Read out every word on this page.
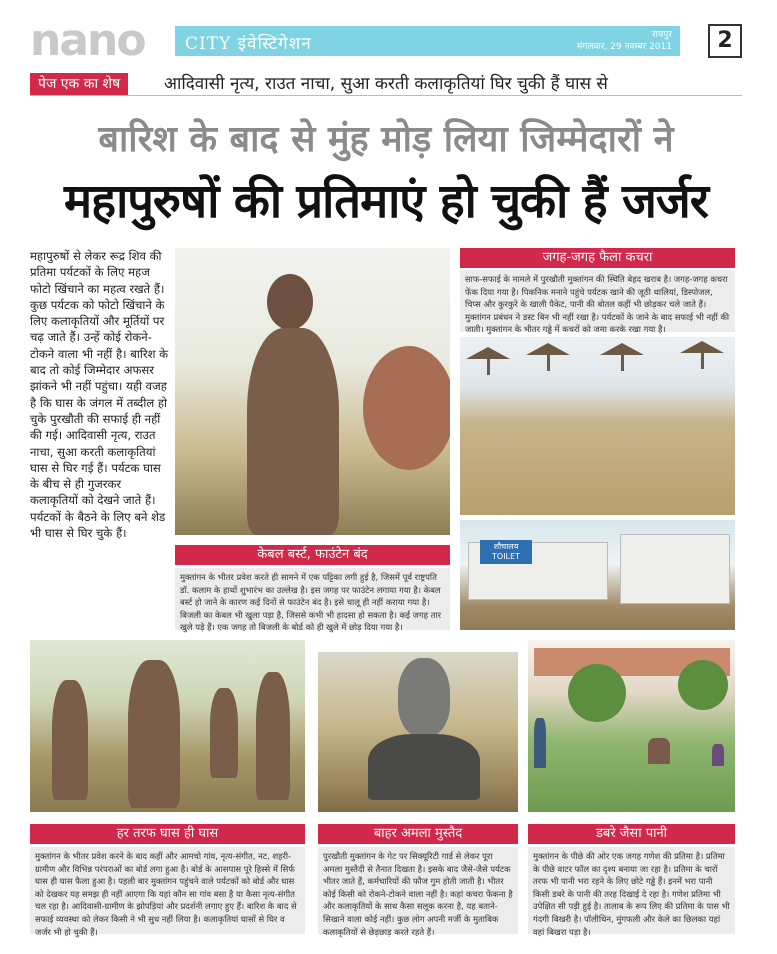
nano CITY इंवेस्टिगेशन	रायपुर
मंगलवार, 29 नवम्बर 2011	2
पेज एक का शेष	आदिवासी नृत्य, राउत नाचा, सुआ करती कलाकृतियां घिर चुकी हैं घास से
बारिश के बाद से मुंह मोड़ लिया जिम्मेदारों ने
महापुरुषों की प्रतिमाएं हो चुकी हैं जर्जर
महापुरुषों से लेकर रूद्र शिव की प्रतिमा पर्यटकों के लिए महज फोटो खिंचाने का महत्व रखते हैं। कुछ पर्यटक को फोटो खिंचाने के लिए कलाकृतियों और मूर्तियों पर चढ़ जाते हैं। उन्हें कोई रोकने-टोकने वाला भी नहीं है। बारिश के बाद तो कोई जिम्मेदार अफसर झांकने भी नहीं पहुंचा। यही वजह है कि घास के जंगल में तब्दील हो चुके पुरखौती की सफाई ही नहीं की गई। आदिवासी नृत्य, राउत नाचा, सुआ करती कलाकृतियां घास से घिर गई हैं। पर्यटक घास के बीच से ही गुजरकर कलाकृतियों को देखने जाते हैं। पर्यटकों के बैठने के लिए बने शेड भी घास से घिर चुके हैं।
केबल बर्स्ट, फाउंटेन बंद
मुक्तांगन के भीतर प्रवेश करते ही सामने में एक पट्टिका लगी हुई है, जिसमें पूर्व राष्ट्रपति डॉ. कलाम के हाथों शुभारंभ का उल्लेख है। इस जगह पर फाउंटेन लगाया गया है। केबल बर्स्ट हो जाने के कारण कई दिनों से फाउंटेन बंद है। इसे चालू ही नहीं कराया गया है। बिजली का केबल भी खुला पड़ा है, जिससे कभी भी हादसा हो सकता है। कई जगह तार खुले पड़े हैं। एक जगह तो बिजली के बोर्ड को ही खुले में छोड़ दिया गया है।
जगह-जगह फैला कचरा
साफ-सफाई के मामले में पुरखौती मुक्तांगन की स्थिति बेहद खराब है। जगह-जगह कचरा फेंक दिया गया है। पिकनिक मनाने पहुंचे पर्यटक खाने की जूठी थालियां, डिस्पोजल, चिप्स और कुरकुरे के खाली पैकेट, पानी की बोतल कहीं भी छोड़कर चले जाते हैं। मुक्तांगन प्रबंधन ने डस्ट बिन भी नहीं रखा है। पर्यटकों के जाने के बाद सफाई भी नहीं की जाती। मुक्तांगन के भीतर गड्ढे में कचरों को जमा करके रखा गया है।
शौचालय TOILET
हर तरफ घास ही घास
मुक्तांगन के भीतर प्रवेश करने के बाद कहीं और आमचो गांव, नृत्य-संगीत, नट, शहरी-ग्रामीण और विभिन्न परंपराओं का बोर्ड लगा हुआ है। बोर्ड के आसपास पूरे हिस्से में सिर्फ घास ही घास फैला हुआ है। पहली बार मुक्तांगन पहुंचने वाले पर्यटकों को बोर्ड और घास को देखकर यह समझ ही नहीं आएगा कि यहां कौन सा गांव बसा है या कैसा नृत्य-संगीत चल रहा है। आदिवासी-ग्रामीण के झोपड़ियां और प्रदर्शनी लगाए हुए हैं। बारिश के बाद से सफाई व्यवस्था को लेकर किसी ने भी सुध नहीं लिया है। कलाकृतियां घासों से घिर व जर्जर भी हो चुकी हैं।
बाहर अमला मुस्तैद
पुरखौती मुक्तांगन के गेट पर सिक्यूरिटी गार्ड से लेकर पूरा अमला मुस्तैदी से तैनात दिखता है। इसके बाद जैसे-जैसे पर्यटक भीतर जाते हैं, कर्मचारियों की फौज गुम होती जाती है। भीतर कोई किसी को रोकने-टोकने वाला नहीं है। कहां कचरा फेंकना है और कलाकृतियों के साथ कैसा सलूक करना है, यह बताने-सिखाने वाला कोई नहीं। कुछ लोग अपनी मर्जी के मुताबिक कलाकृतियों से छेड़छाड़ करते रहते हैं।
डबरे जैसा पानी
मुक्तांगन के पीछे की ओर एक जगह गणेश की प्रतिमा है। प्रतिमा के पीछे वाटर फॉल का दृश्य बनाया जा रहा है। प्रतिमा के चारों तरफ भी पानी भरा रहने के लिए छोटे गड्ढे हैं। इनमें भरा पानी किसी डबरे के पानी की तरह दिखाई दे रहा है। गणेश प्रतिमा भी उपेक्षित सी पड़ी हुई है। तालाब के रूप लिए की प्रतिमा के पास भी गंदगी बिखरी है। पॉलीथिन, मुंगफली और केले का छिलका यहां वहां बिखरा पड़ा है।
